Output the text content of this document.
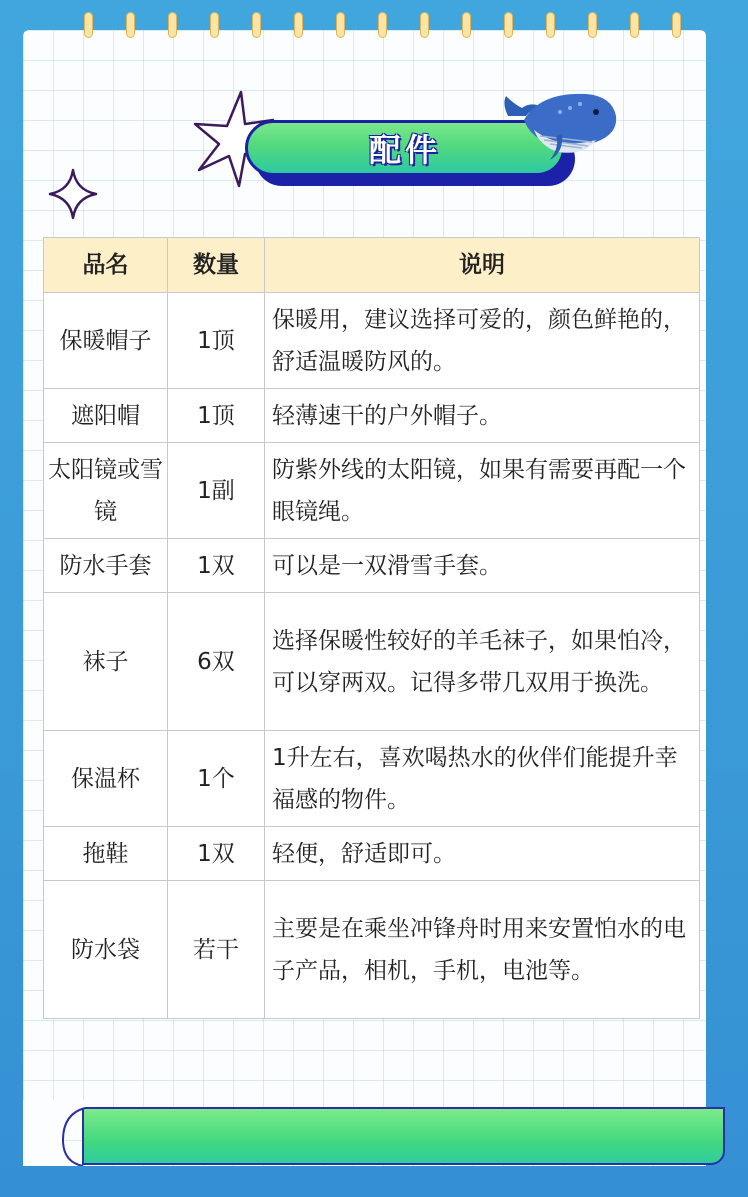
配件
品名	数量	说明
保暖帽子	1顶	保暖用，建议选择可爱的，颜色鲜艳的，舒适温暖防风的。
遮阳帽	1顶	轻薄速干的户外帽子。
太阳镜或雪镜	1副	防紫外线的太阳镜，如果有需要再配一个眼镜绳。
防水手套	1双	可以是一双滑雪手套。
袜子	6双	选择保暖性较好的羊毛袜子，如果怕冷，可以穿两双。记得多带几双用于换洗。
保温杯	1个	1升左右，喜欢喝热水的伙伴们能提升幸福感的物件。
拖鞋	1双	轻便，舒适即可。
防水袋	若干	主要是在乘坐冲锋舟时用来安置怕水的电子产品，相机，手机，电池等。
